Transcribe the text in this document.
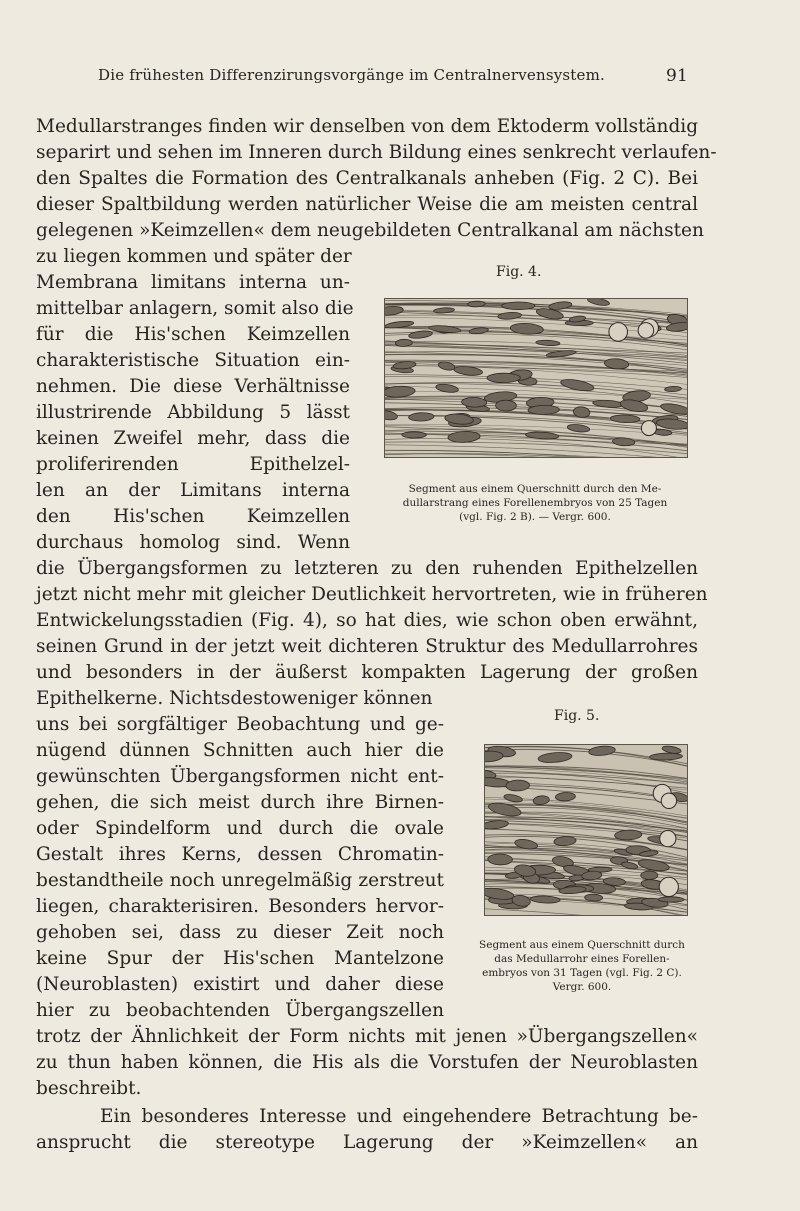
Die frühesten Differenzirungsvorgänge im Centralnervensystem.	91
Medullarstranges finden wir denselben von dem Ektoderm vollständig
separirt und sehen im Inneren durch Bildung eines senkrecht verlaufen-
den Spaltes die Formation des Centralkanals anheben (Fig. 2 C). Bei
dieser Spaltbildung werden natürlicher Weise die am meisten central
gelegenen »Keimzellen« dem neugebildeten Centralkanal am nächsten
zu liegen kommen und später der
Membrana limitans interna un-
mittelbar anlagern, somit also die
für die His'schen Keimzellen
charakteristische Situation ein-
nehmen. Die diese Verhältnisse
illustrirende Abbildung 5 lässt
keinen Zweifel mehr, dass die
proliferirenden Epithelzel-
len an der Limitans interna
den His'schen Keimzellen
durchaus homolog sind. Wenn
die Übergangsformen zu letzteren zu den ruhenden Epithelzellen
jetzt nicht mehr mit gleicher Deutlichkeit hervortreten, wie in früheren
Entwickelungsstadien (Fig. 4), so hat dies, wie schon oben erwähnt,
seinen Grund in der jetzt weit dichteren Struktur des Medullarrohres
und besonders in der äußerst kompakten Lagerung der großen
Epithelkerne. Nichtsdestoweniger können
uns bei sorgfältiger Beobachtung und ge-
nügend dünnen Schnitten auch hier die
gewünschten Übergangsformen nicht ent-
gehen, die sich meist durch ihre Birnen-
oder Spindelform und durch die ovale
Gestalt ihres Kerns, dessen Chromatin-
bestandtheile noch unregelmäßig zerstreut
liegen, charakterisiren. Besonders hervor-
gehoben sei, dass zu dieser Zeit noch
keine Spur der His'schen Mantelzone
(Neuroblasten) existirt und daher diese
hier zu beobachtenden Übergangszellen
trotz der Ähnlichkeit der Form nichts mit jenen »Übergangszellen«
zu thun haben können, die His als die Vorstufen der Neuroblasten
beschreibt.
Ein besonderes Interesse und eingehendere Betrachtung be-
ansprucht die stereotype Lagerung der »Keimzellen« an
Fig. 4.
Segment aus einem Querschnitt durch den Me-
dullarstrang eines Forellenembryos von 25 Tagen
(vgl. Fig. 2 B). — Vergr. 600.
Fig. 5.
Segment aus einem Querschnitt durch
das Medullarrohr eines Forellen-
embryos von 31 Tagen (vgl. Fig. 2 C).
Vergr. 600.
